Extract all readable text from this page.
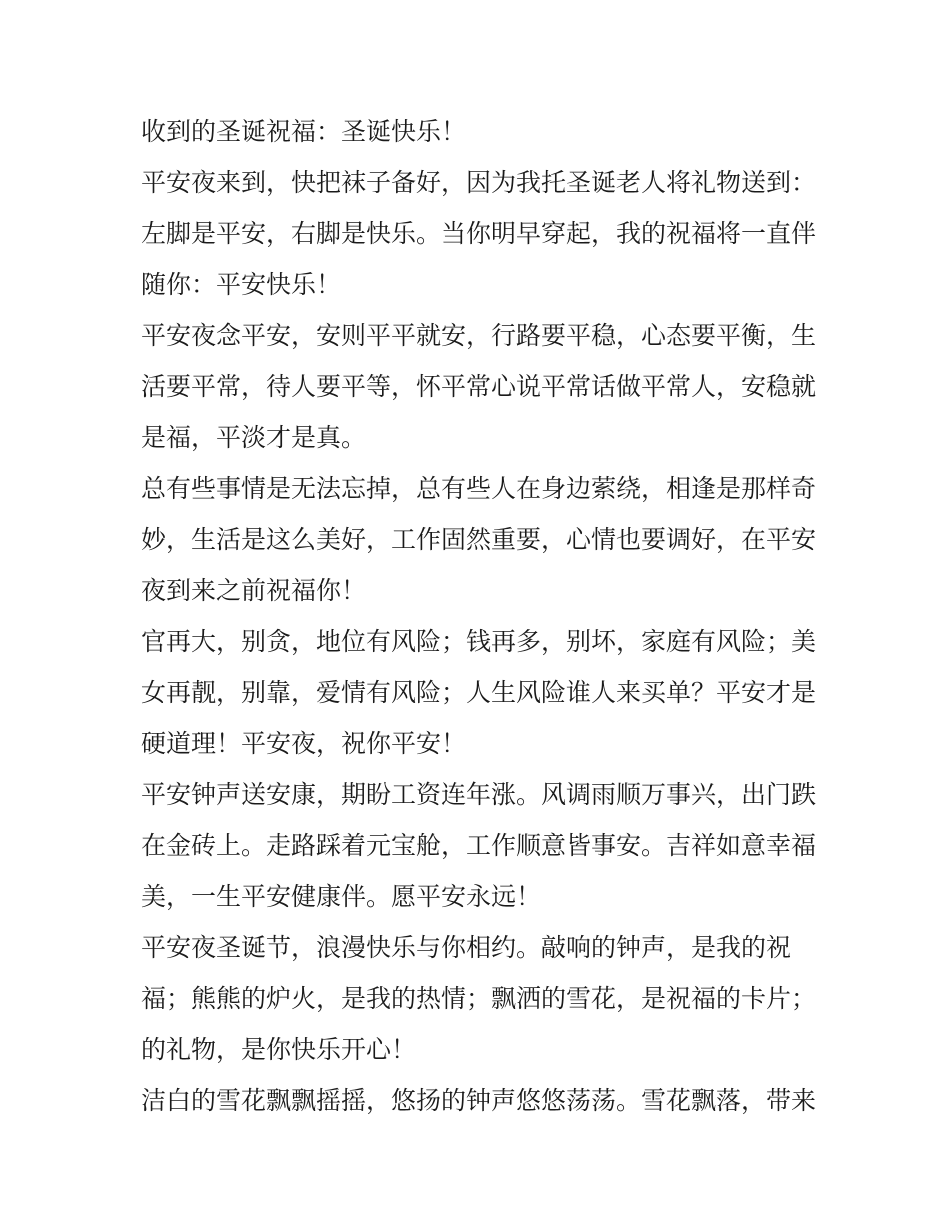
收到的圣诞祝福：圣诞快乐！
平安夜来到，快把袜子备好，因为我托圣诞老人将礼物送到：
左脚是平安，右脚是快乐。当你明早穿起，我的祝福将一直伴
随你：平安快乐！
平安夜念平安，安则平平就安，行路要平稳，心态要平衡，生
活要平常，待人要平等，怀平常心说平常话做平常人，安稳就
是福，平淡才是真。
总有些事情是无法忘掉，总有些人在身边萦绕，相逢是那样奇
妙，生活是这么美好，工作固然重要，心情也要调好，在平安
夜到来之前祝福你！
官再大，别贪，地位有风险；钱再多，别坏，家庭有风险；美
女再靓，别靠，爱情有风险；人生风险谁人来买单？平安才是
硬道理！平安夜，祝你平安！
平安钟声送安康，期盼工资连年涨。风调雨顺万事兴，出门跌
在金砖上。走路踩着元宝舱，工作顺意皆事安。吉祥如意幸福
美，一生平安健康伴。愿平安永远！
平安夜圣诞节，浪漫快乐与你相约。敲响的钟声，是我的祝
福；熊熊的炉火，是我的热情；飘洒的雪花，是祝福的卡片；
的礼物，是你快乐开心！
洁白的雪花飘飘摇摇，悠扬的钟声悠悠荡荡。雪花飘落，带来
